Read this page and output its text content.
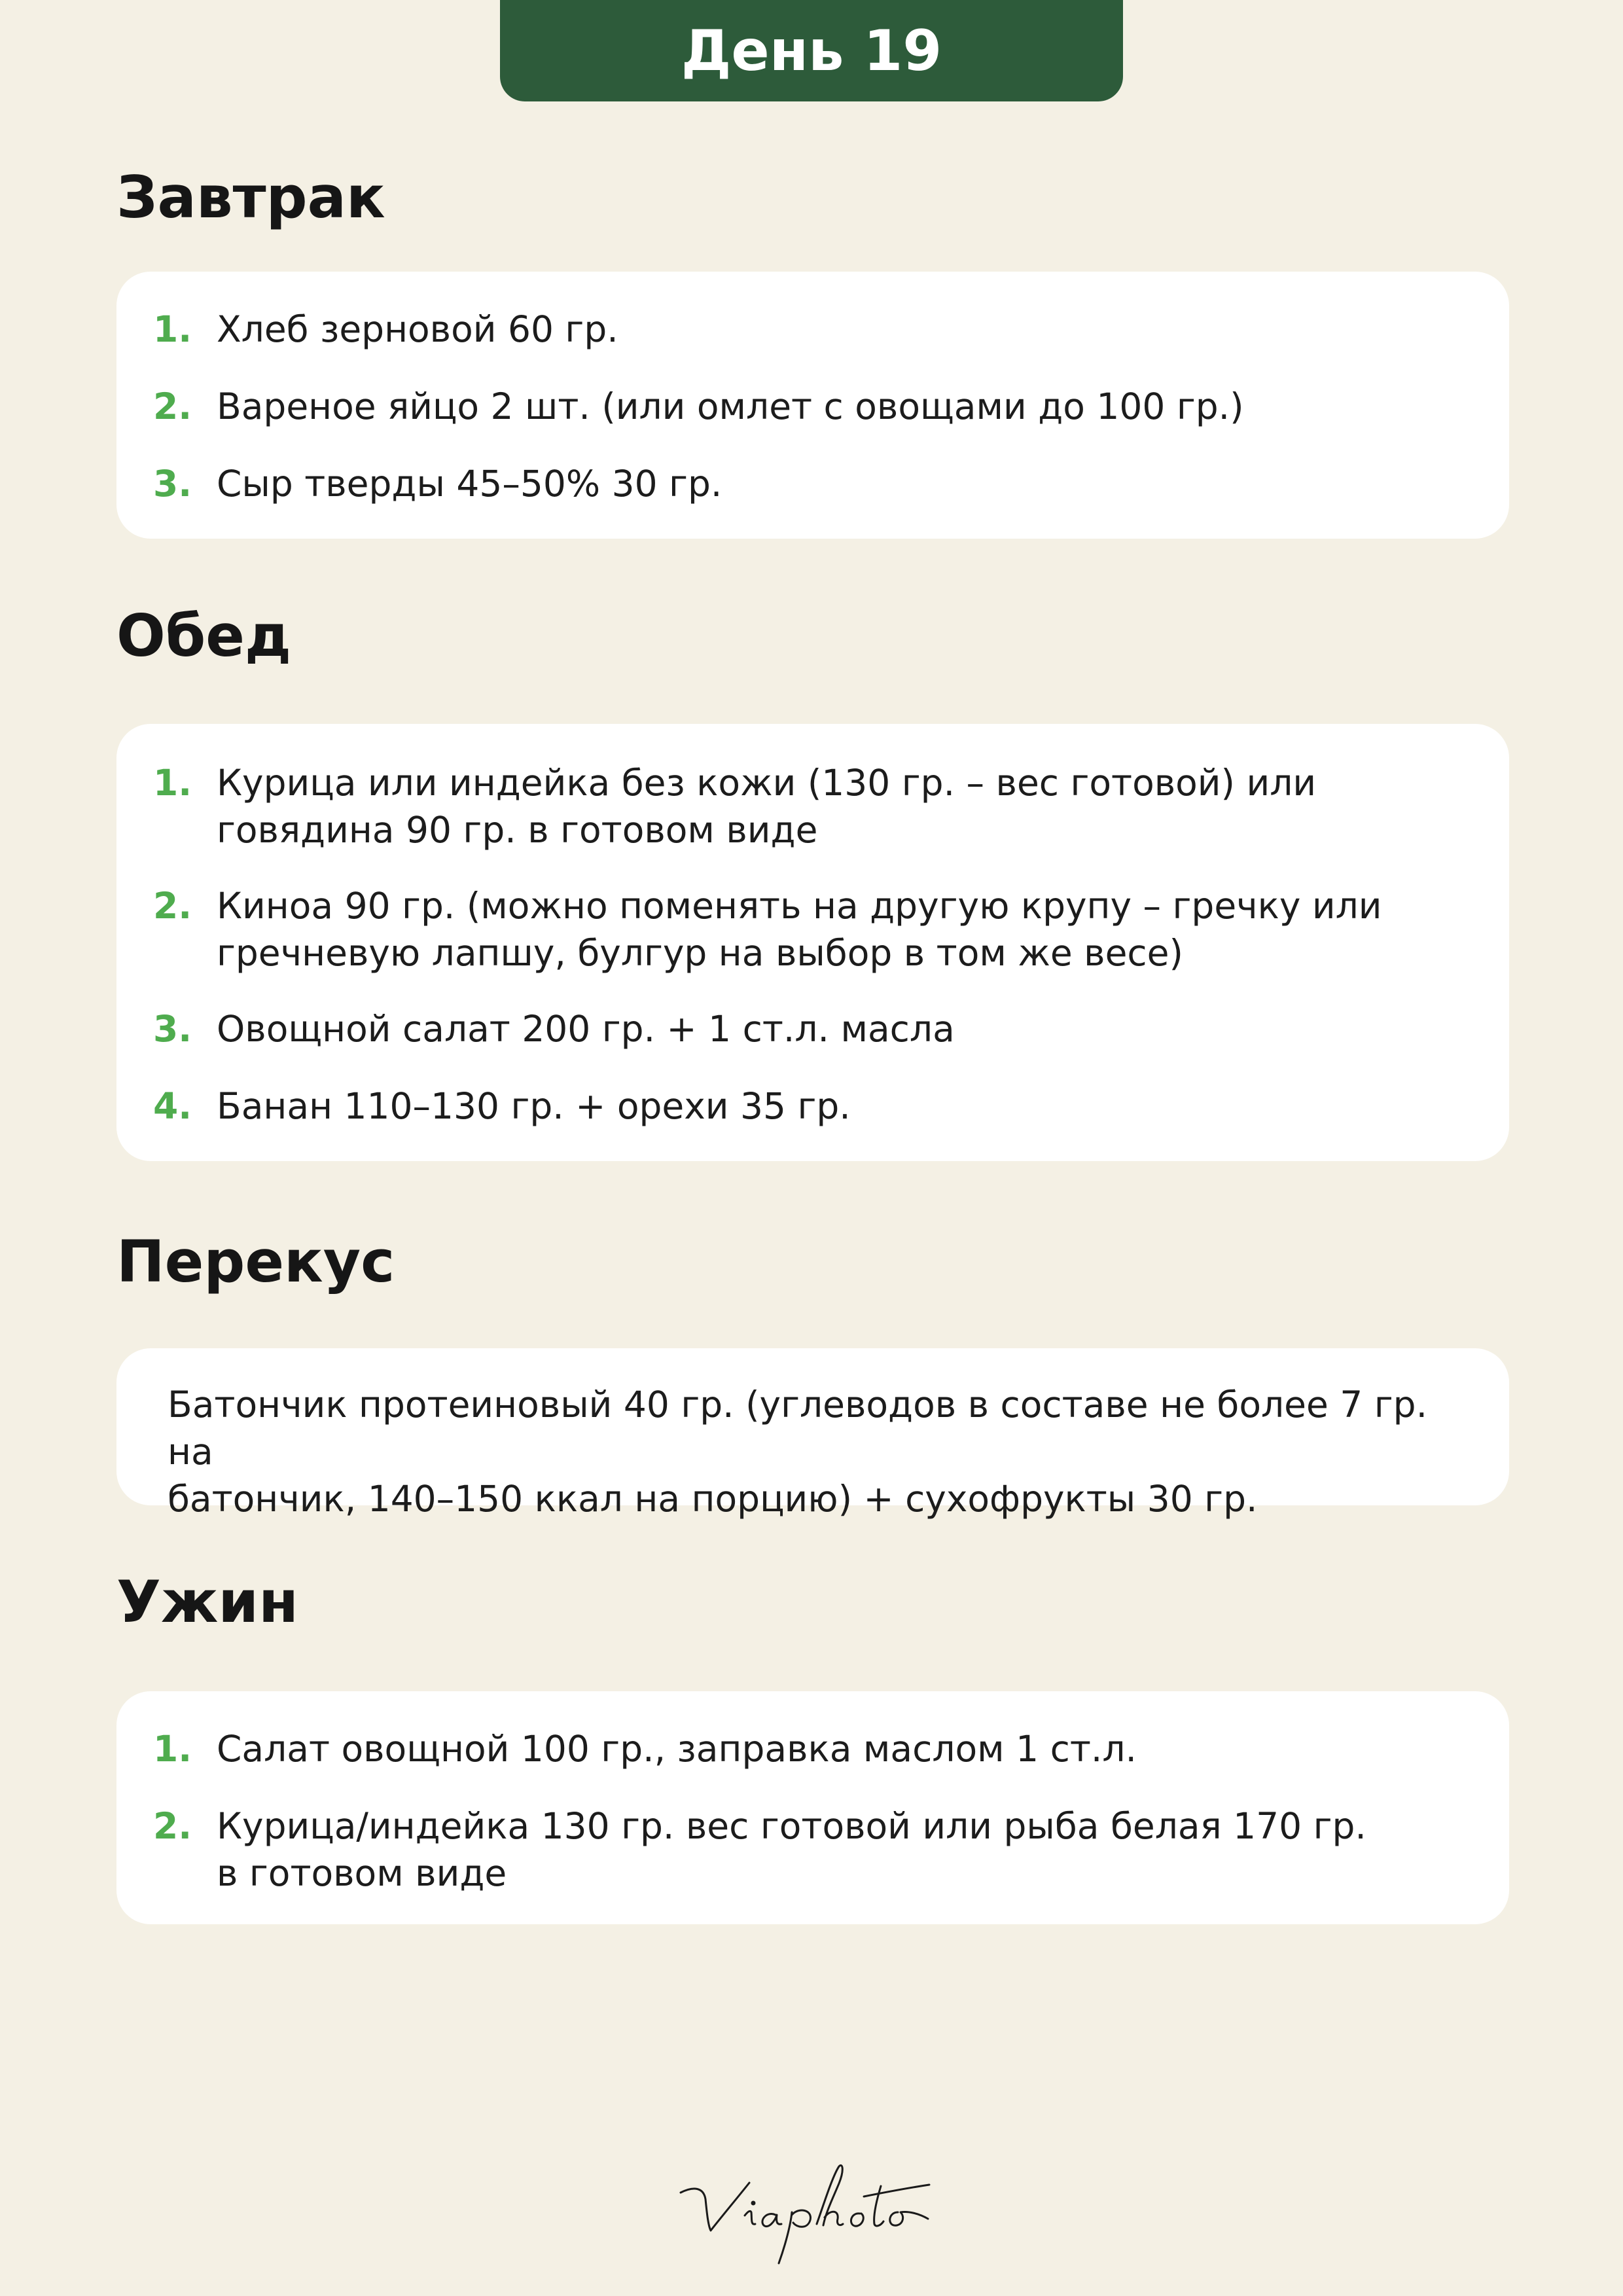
День 19
Завтрак
1. Хлеб зерновой 60 гр.
2. Вареное яйцо 2 шт. (или омлет с овощами до 100 гр.)
3. Сыр тверды 45–50% 30 гр.
Обед
1. Курица или индейка без кожи (130 гр. – вес готовой) или
говядина 90 гр. в готовом виде
2. Киноа 90 гр. (можно поменять на другую крупу – гречку или
гречневую лапшу, булгур на выбор в том же весе)
3. Овощной салат 200 гр. + 1 ст.л. масла
4. Банан 110–130 гр. + орехи 35 гр.
Перекус

Батончик протеиновый 40 гр. (углеводов в составе не более 7 гр. на
батончик, 140–150 ккал на порцию) + сухофрукты 30 гр.

Ужин
1. Салат овощной 100 гр., заправка маслом 1 ст.л.
2. Курица/индейка 130 гр. вес готовой или рыба белая 170 гр.
в готовом виде
